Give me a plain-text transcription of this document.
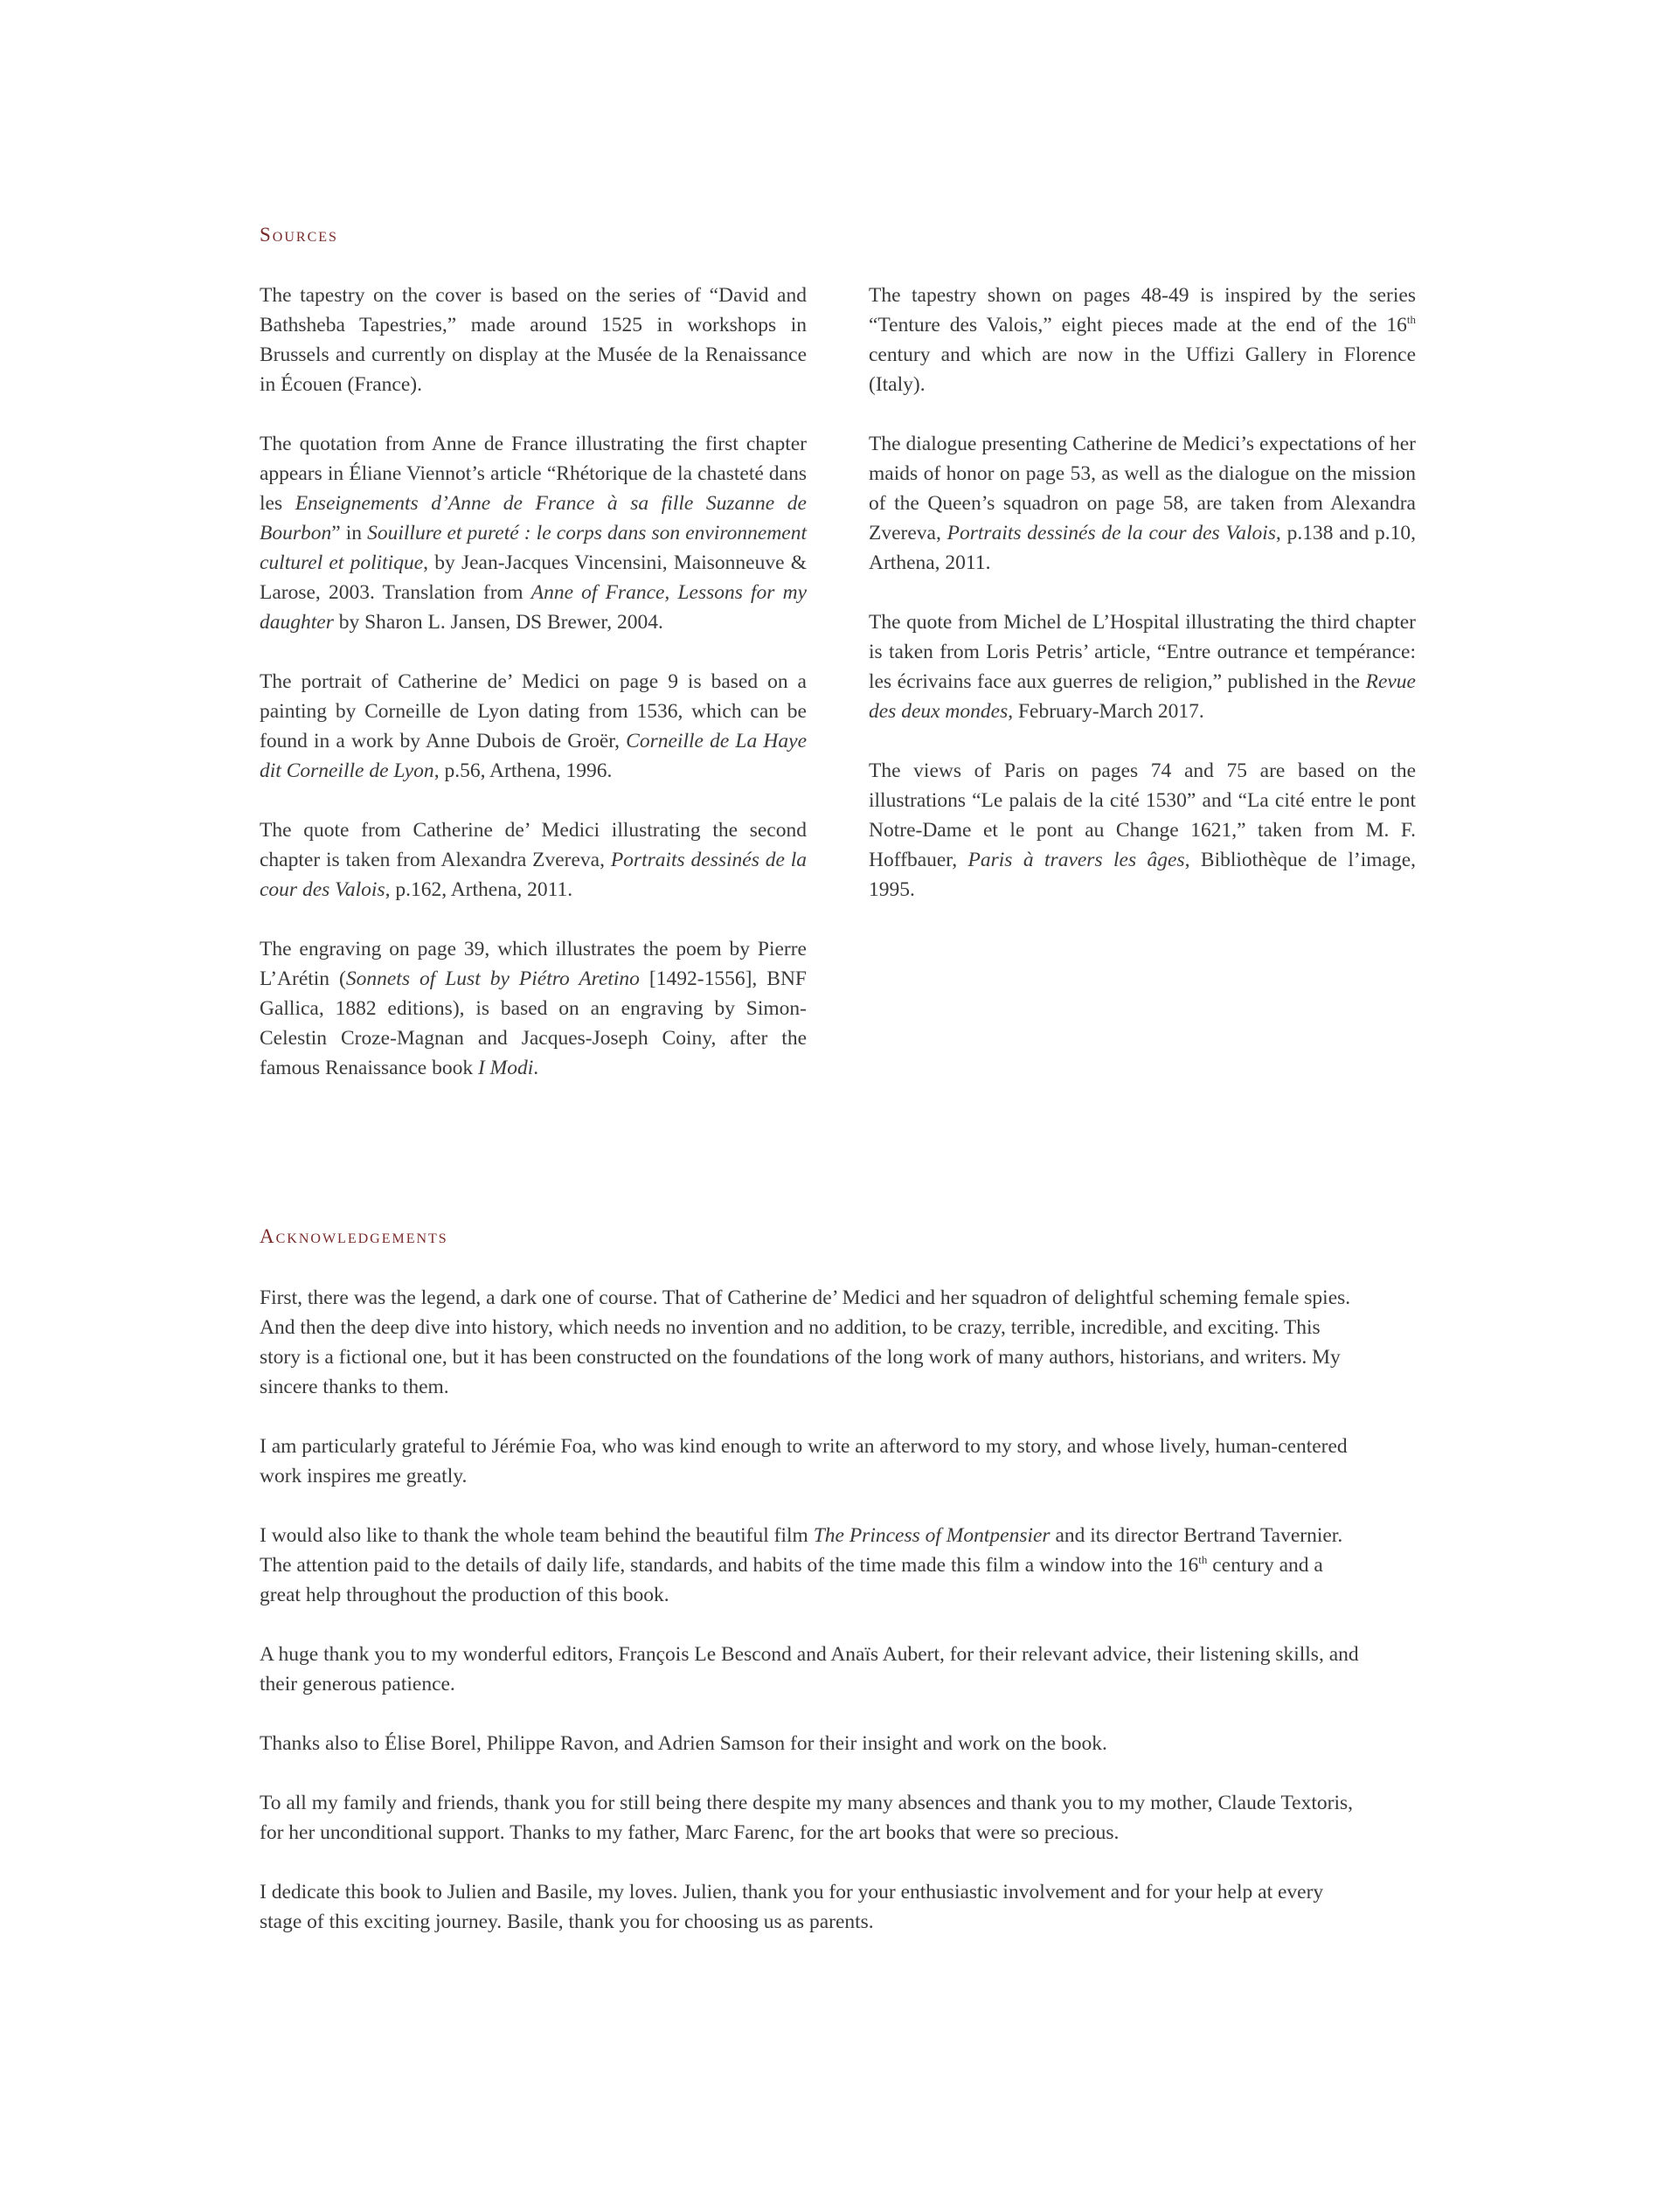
Sources

The tapestry on the cover is based on the series of “David and Bathsheba Tapestries,” made around 1525 in workshops in Brussels and currently on display at the Musée de la Renaissance in Écouen (France).

The quotation from Anne de France illustrating the first chapter appears in Éliane Viennot’s article “Rhétorique de la chasteté dans les Enseignements d’Anne de France à sa fille Suzanne de Bourbon” in Souillure et pureté : le corps dans son environnement culturel et politique, by Jean-Jacques Vincensini, Maisonneuve & Larose, 2003. Translation from Anne of France, Lessons for my daughter by Sharon L. Jansen, DS Brewer, 2004.

The portrait of Catherine de’ Medici on page 9 is based on a painting by Corneille de Lyon dating from 1536, which can be found in a work by Anne Dubois de Groër, Corneille de La Haye dit Corneille de Lyon, p.56, Arthena, 1996.

The quote from Catherine de’ Medici illustrating the second chapter is taken from Alexandra Zvereva, Portraits dessinés de la cour des Valois, p.162, Arthena, 2011.

The engraving on page 39, which illustrates the poem by Pierre L’Arétin (Sonnets of Lust by Piétro Aretino [1492-1556], BNF Gallica, 1882 editions), is based on an engraving by Simon-Celestin Croze-Magnan and Jacques-Joseph Coiny, after the famous Renaissance book I Modi.

The tapestry shown on pages 48-49 is inspired by the series “Tenture des Valois,” eight pieces made at the end of the 16th century and which are now in the Uffizi Gallery in Florence (Italy).

The dialogue presenting Catherine de Medici’s expectations of her maids of honor on page 53, as well as the dialogue on the mission of the Queen’s squadron on page 58, are taken from Alexandra Zvereva, Portraits dessinés de la cour des Valois, p.138 and p.10, Arthena, 2011.

The quote from Michel de L’Hospital illustrating the third chapter is taken from Loris Petris’ article, “Entre outrance et tempérance: les écrivains face aux guerres de religion,” published in the Revue des deux mondes, February-March 2017.

The views of Paris on pages 74 and 75 are based on the illustrations “Le palais de la cité 1530” and “La cité entre le pont Notre-Dame et le pont au Change 1621,” taken from M. F. Hoffbauer, Paris à travers les âges, Bibliothèque de l’image, 1995.

Acknowledgements

First, there was the legend, a dark one of course. That of Catherine de’ Medici and her squadron of delightful scheming female spies. And then the deep dive into history, which needs no invention and no addition, to be crazy, terrible, incredible, and exciting. This story is a fictional one, but it has been constructed on the foundations of the long work of many authors, historians, and writers. My sincere thanks to them.

I am particularly grateful to Jérémie Foa, who was kind enough to write an afterword to my story, and whose lively, human-centered work inspires me greatly.

I would also like to thank the whole team behind the beautiful film The Princess of Montpensier and its director Bertrand Tavernier. The attention paid to the details of daily life, standards, and habits of the time made this film a window into the 16th century and a great help throughout the production of this book.

A huge thank you to my wonderful editors, François Le Bescond and Anaïs Aubert, for their relevant advice, their listening skills, and their generous patience.

Thanks also to Élise Borel, Philippe Ravon, and Adrien Samson for their insight and work on the book.

To all my family and friends, thank you for still being there despite my many absences and thank you to my mother, Claude Textoris, for her unconditional support. Thanks to my father, Marc Farenc, for the art books that were so precious.

I dedicate this book to Julien and Basile, my loves. Julien, thank you for your enthusiastic involvement and for your help at every stage of this exciting journey. Basile, thank you for choosing us as parents.
